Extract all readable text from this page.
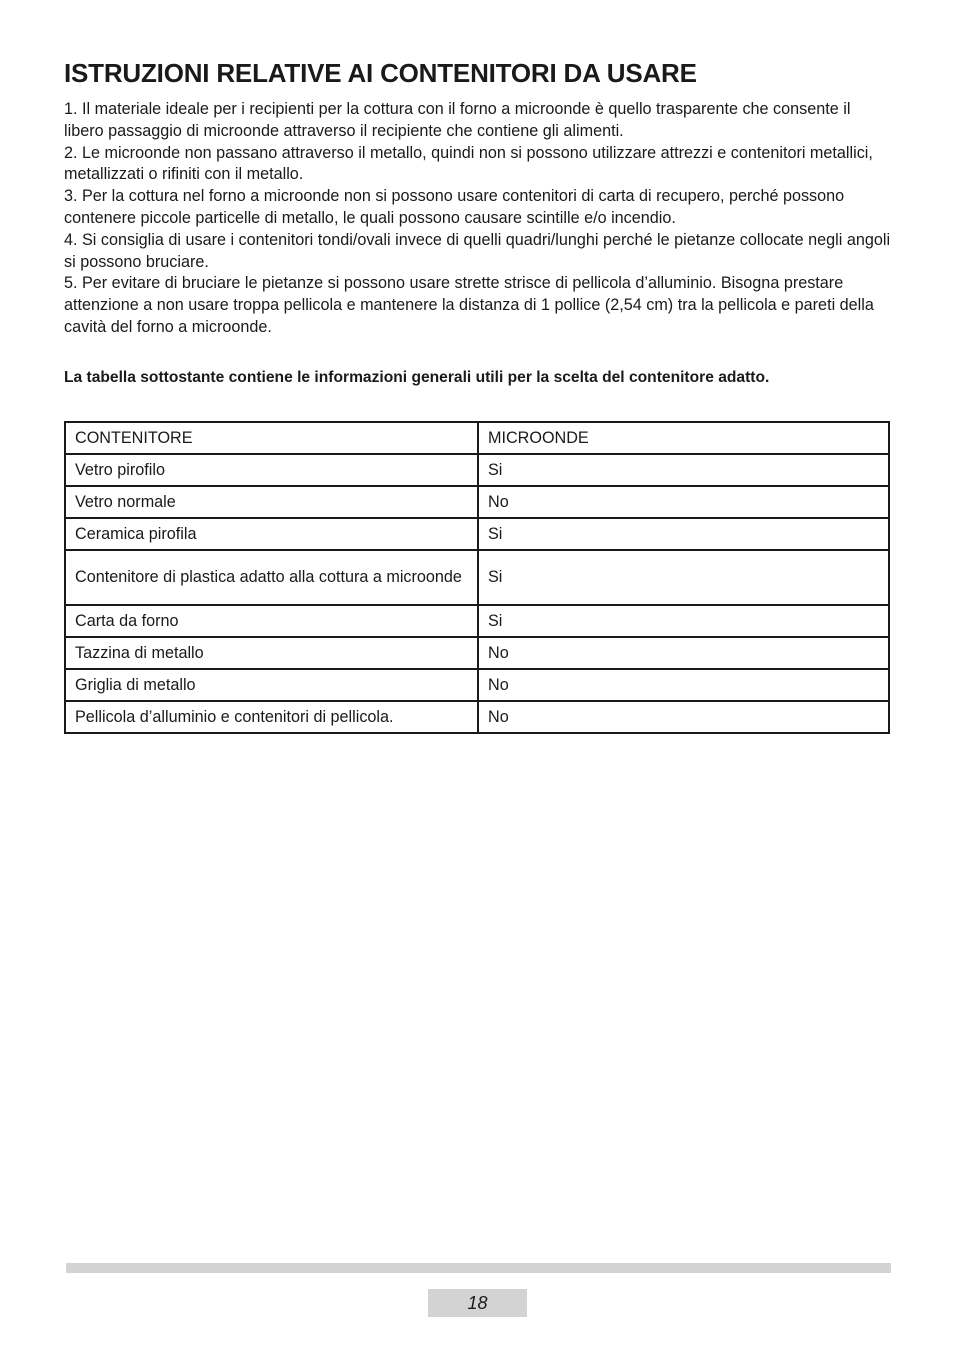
ISTRUZIONI RELATIVE AI CONTENITORI DA USARE

1. Il materiale ideale per i recipienti per la cottura con il forno a microonde è quello trasparente che consente il libero passaggio di microonde attraverso il recipiente che contiene gli alimenti.

2. Le microonde non passano attraverso il metallo, quindi non si possono utilizzare attrezzi e contenitori metallici, metallizzati o rifiniti con il metallo.

3. Per la cottura nel forno a microonde non si possono usare contenitori di carta di recupero, perché possono contenere piccole particelle di metallo, le quali possono causare scintille e/o incendio.

4. Si consiglia di usare i contenitori tondi/ovali invece di quelli quadri/lunghi perché le pietanze collocate negli angoli si possono bruciare.

5. Per evitare di bruciare le pietanze si possono usare strette strisce di pellicola d’alluminio. Bisogna prestare attenzione a non usare troppa pellicola e mantenere la distanza di 1 pollice (2,54 cm) tra la pellicola e pareti della cavità del forno a microonde.

La tabella sottostante contiene le informazioni generali utili per la scelta del contenitore adatto.

CONTENITORE	MICROONDE
Vetro pirofilo	Si
Vetro normale	No
Ceramica pirofila	Si
Contenitore di plastica adatto alla cottura a microonde	Si
Carta da forno	Si
Tazzina di metallo	No
Griglia di metallo	No
Pellicola d’alluminio e contenitori di pellicola.	No
18
